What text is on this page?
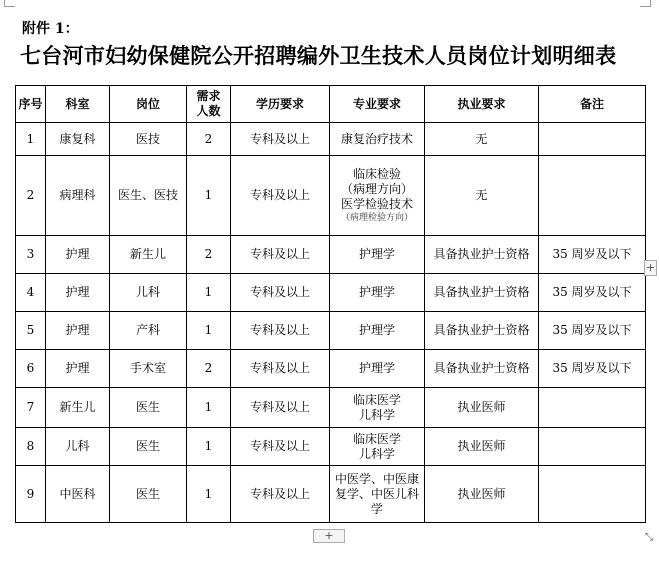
附件 1：
七台河市妇幼保健院公开招聘编外卫生技术人员岗位计划明细表
序号	科室	岗位	需求
人数	学历要求	专业要求	执业要求	备注
1	康复科	医技	2	专科及以上	康复治疗技术	无	
2	病理科	医生、医技	1	专科及以上	临床检验
（病理方向）
医学检验技术
（病理检验方向）	无	
3	护理	新生儿	2	专科及以上	护理学	具备执业护士资格	35 周岁及以下
4	护理	儿科	1	专科及以上	护理学	具备执业护士资格	35 周岁及以下
5	护理	产科	1	专科及以上	护理学	具备执业护士资格	35 周岁及以下
6	护理	手术室	2	专科及以上	护理学	具备执业护士资格	35 周岁及以下
7	新生儿	医生	1	专科及以上	临床医学
儿科学	执业医师	
8	儿科	医生	1	专科及以上	临床医学
儿科学	执业医师	
9	中医科	医生	1	专科及以上	中医学、中医康
复学、中医儿科
学	执业医师	
+
+	⤡
